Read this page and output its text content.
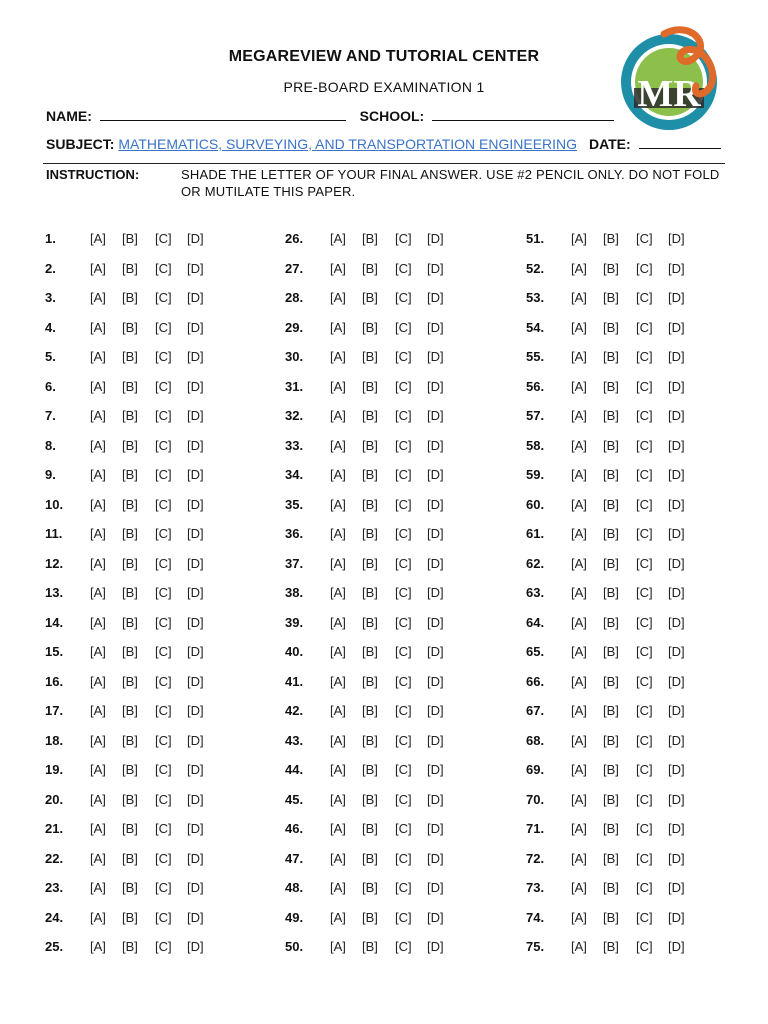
MEGAREVIEW AND TUTORIAL CENTER
PRE-BOARD EXAMINATION 1	MR
NAME:	SCHOOL:
SUBJECT: MATHEMATICS, SURVEYING, AND TRANSPORTATION ENGINEERING DATE:
INSTRUCTION:	SHADE THE LETTER OF YOUR FINAL ANSWER. USE #2 PENCIL ONLY. DO NOT FOLD OR MUTILATE THIS PAPER.
1.	[A] [B] [C] [D]
2.	[A] [B] [C] [D]
3.	[A] [B] [C] [D]
4.	[A] [B] [C] [D]
5.	[A] [B] [C] [D]
6.	[A] [B] [C] [D]
7.	[A] [B] [C] [D]
8.	[A] [B] [C] [D]
9.	[A] [B] [C] [D]
10. [A] [B] [C] [D]
11. [A] [B] [C] [D]
12. [A] [B] [C] [D]
13. [A] [B] [C] [D]
14. [A] [B] [C] [D]
15. [A] [B] [C] [D]
16. [A] [B] [C] [D]
17. [A] [B] [C] [D]
18. [A] [B] [C] [D]
19. [A] [B] [C] [D]
20. [A] [B] [C] [D]
21. [A] [B] [C] [D]
22. [A] [B] [C] [D]
23. [A] [B] [C] [D]
24. [A] [B] [C] [D]
25. [A] [B] [C] [D]
26. [A] [B] [C] [D]
27. [A] [B] [C] [D]
28. [A] [B] [C] [D]
29. [A] [B] [C] [D]
30. [A] [B] [C] [D]
31. [A] [B] [C] [D]
32. [A] [B] [C] [D]
33. [A] [B] [C] [D]
34. [A] [B] [C] [D]
35. [A] [B] [C] [D]
36. [A] [B] [C] [D]
37. [A] [B] [C] [D]
38. [A] [B] [C] [D]
39. [A] [B] [C] [D]
40. [A] [B] [C] [D]
41. [A] [B] [C] [D]
42. [A] [B] [C] [D]
43. [A] [B] [C] [D]
44. [A] [B] [C] [D]
45. [A] [B] [C] [D]
46. [A] [B] [C] [D]
47. [A] [B] [C] [D]
48. [A] [B] [C] [D]
49. [A] [B] [C] [D]
50. [A] [B] [C] [D]
51. [A] [B] [C] [D]
52. [A] [B] [C] [D]
53. [A] [B] [C] [D]
54. [A] [B] [C] [D]
55. [A] [B] [C] [D]
56. [A] [B] [C] [D]
57. [A] [B] [C] [D]
58. [A] [B] [C] [D]
59. [A] [B] [C] [D]
60. [A] [B] [C] [D]
61. [A] [B] [C] [D]
62. [A] [B] [C] [D]
63. [A] [B] [C] [D]
64. [A] [B] [C] [D]
65. [A] [B] [C] [D]
66. [A] [B] [C] [D]
67. [A] [B] [C] [D]
68. [A] [B] [C] [D]
69. [A] [B] [C] [D]
70. [A] [B] [C] [D]
71. [A] [B] [C] [D]
72. [A] [B] [C] [D]
73. [A] [B] [C] [D]
74. [A] [B] [C] [D]
75. [A] [B] [C] [D]
